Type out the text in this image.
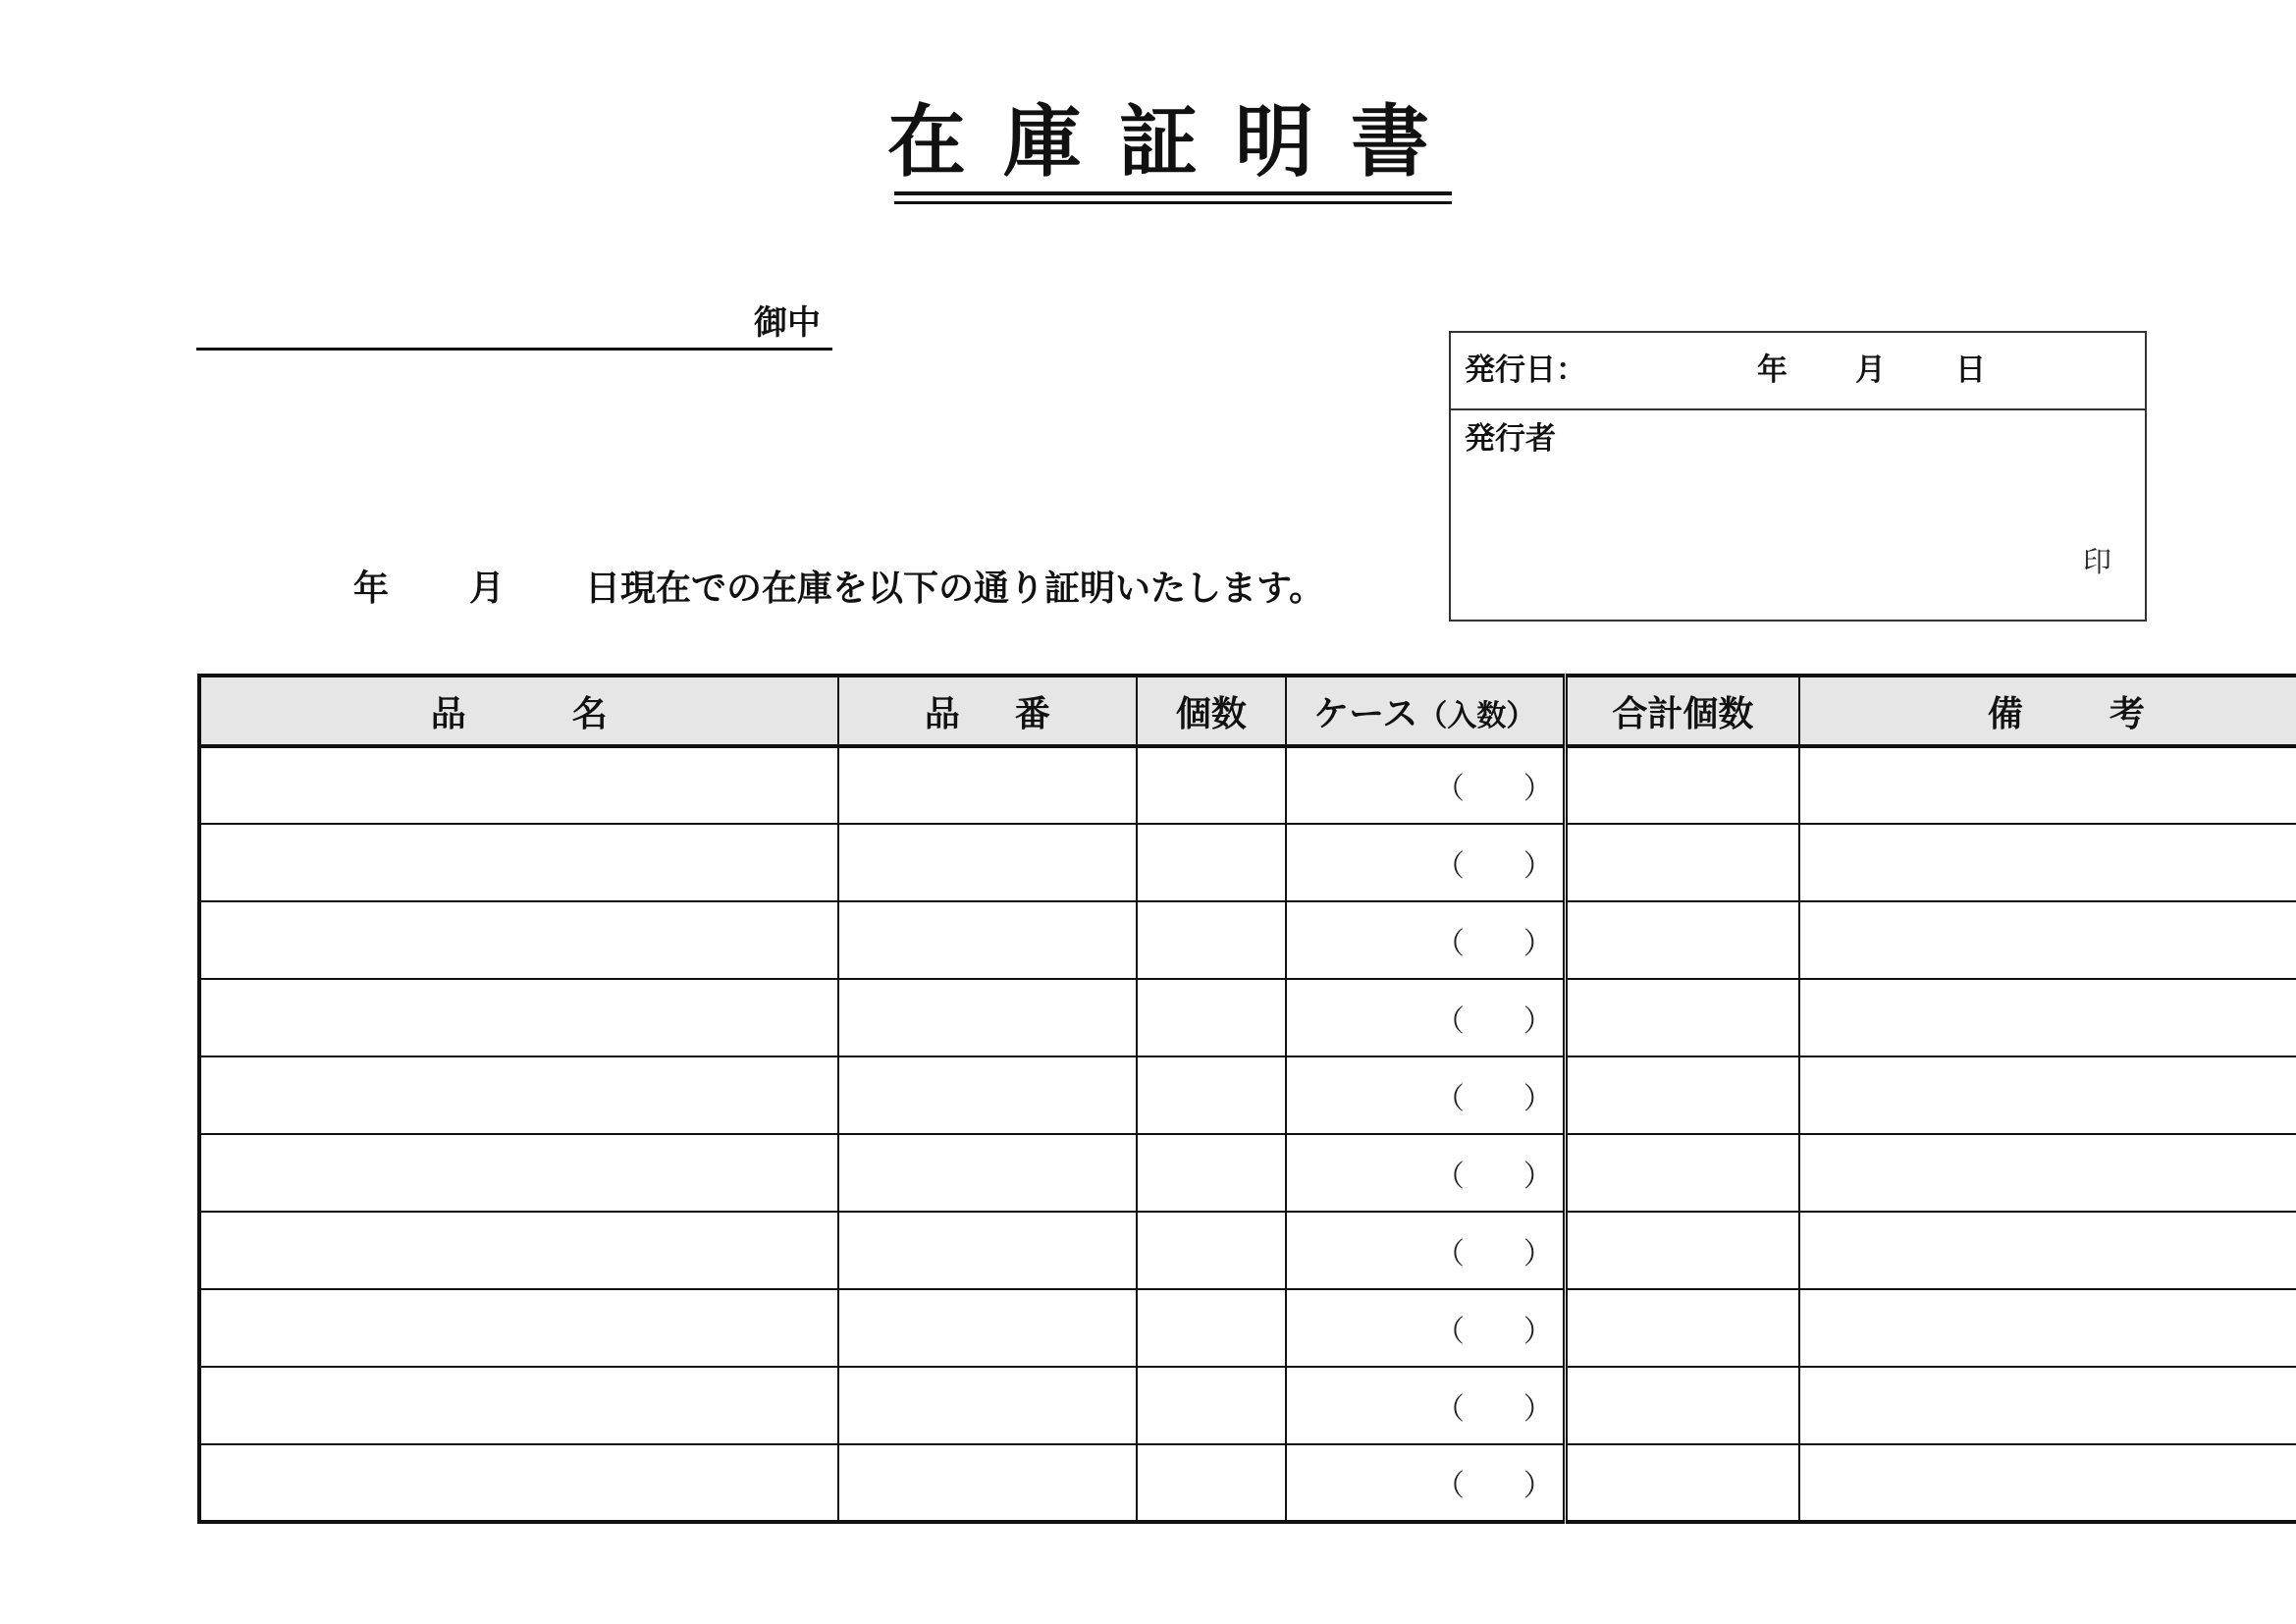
在庫証明書
御中
発行日：	年 月 日
発行者
印
年 月 日現在での在庫を以下の通り証明いたします。
品名	品番	個数	ケース（入数）	合計個数	備考
			（　　）		
			（　　）		
			（　　）		
			（　　）		
			（　　）		
			（　　）		
			（　　）		
			（　　）		
			（　　）		
			（　　）		
